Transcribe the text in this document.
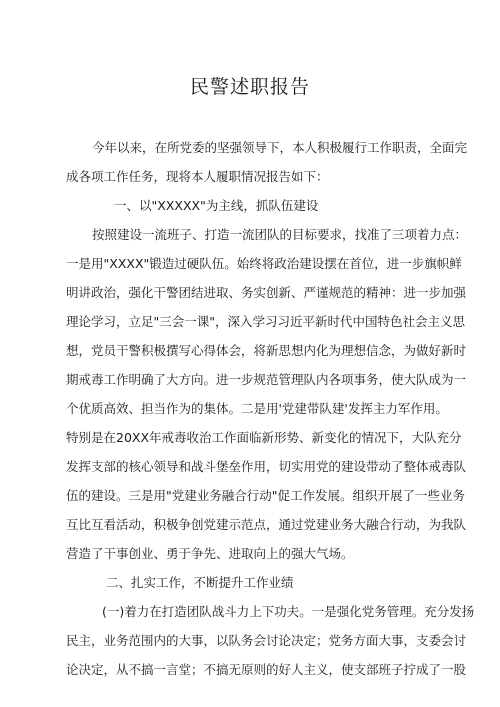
民警述职报告
今年以来，在所党委的坚强领导下，本人积极履行工作职责，全面完
成各项工作任务，现将本人履职情况报告如下：
一、以"XXXXX"为主线，抓队伍建设
按照建设一流班子、打造一流团队的目标要求，找准了三项着力点：
一是用"XXXX"锻造过硬队伍。始终将政治建设摆在首位，进一步旗帜鲜
明讲政治，强化干警团结进取、务实创新、严谨规范的精神：进一步加强
理论学习，立足"三会一课"，深入学习习近平新时代中国特色社会主义思
想，党员干警积极撰写心得体会，将新思想内化为理想信念，为做好新时
期戒毒工作明确了大方向。进一步规范管理队内各项事务，使大队成为一
个优质高效、担当作为的集体。二是用'党建带队建'发挥主力军作用。
特别是在20XX年戒毒收治工作面临新形势、新变化的情况下，大队充分
发挥支部的核心领导和战斗堡垒作用，切实用党的建设带动了整体戒毒队
伍的建设。三是用"党建业务融合行动"促工作发展。组织开展了一些业务
互比互看活动，积极争创党建示范点，通过党建业务大融合行动，为我队
营造了干事创业、勇于争先、进取向上的强大气场。
二、扎实工作，不断提升工作业绩
(一)着力在打造团队战斗力上下功夫。一是强化党务管理。充分发扬
民主，业务范围内的大事，以队务会讨论决定；党务方面大事，支委会讨
论决定，从不搞一言堂；不搞无原则的好人主义，使支部班子拧成了一股
